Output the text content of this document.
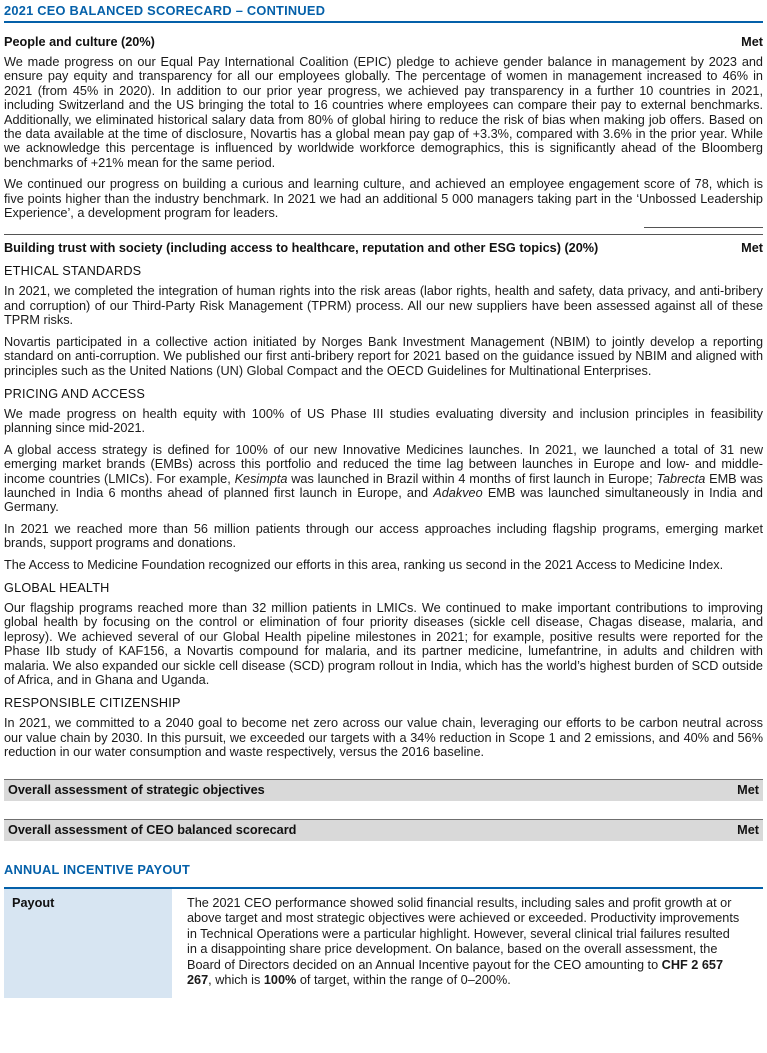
2021 CEO BALANCED SCORECARD – CONTINUED
People and culture (20%)	Met

We made progress on our Equal Pay International Coalition (EPIC) pledge to achieve gender balance in management by 2023 and ensure pay equity and transparency for all our employees globally. The percentage of women in management increased to 46% in 2021 (from 45% in 2020). In addition to our prior year progress, we achieved pay transparency in a further 10 countries in 2021, including Switzerland and the US bringing the total to 16 countries where employees can compare their pay to external benchmarks. Additionally, we eliminated historical salary data from 80% of global hiring to reduce the risk of bias when making job offers. Based on the data available at the time of disclosure, Novartis has a global mean pay gap of +3.3%, compared with 3.6% in the prior year. While we acknowledge this percentage is influenced by worldwide workforce demographics, this is significantly ahead of the Bloomberg benchmarks of +21% mean for the same period.

We continued our progress on building a curious and learning culture, and achieved an employee engagement score of 78, which is five points higher than the industry benchmark. In 2021 we had an additional 5 000 managers taking part in the ‘Unbossed Leadership Experience’, a development program for leaders.

Building trust with society (including access to healthcare, reputation and other ESG topics) (20%)	Met
ETHICAL STANDARDS

In 2021, we completed the integration of human rights into the risk areas (labor rights, health and safety, data privacy, and anti-bribery and corruption) of our Third-Party Risk Management (TPRM) process. All our new suppliers have been assessed against all of these TPRM risks.

Novartis participated in a collective action initiated by Norges Bank Investment Management (NBIM) to jointly develop a reporting standard on anti-corruption. We published our first anti-bribery report for 2021 based on the guidance issued by NBIM and aligned with principles such as the United Nations (UN) Global Compact and the OECD Guidelines for Multinational Enterprises.

PRICING AND ACCESS

We made progress on health equity with 100% of US Phase III studies evaluating diversity and inclusion principles in feasibility planning since mid-2021.

A global access strategy is defined for 100% of our new Innovative Medicines launches. In 2021, we launched a total of 31 new emerging market brands (EMBs) across this portfolio and reduced the time lag between launches in Europe and low- and middle-income countries (LMICs). For example, Kesimpta was launched in Brazil within 4 months of first launch in Europe; Tabrecta EMB was launched in India 6 months ahead of planned first launch in Europe, and Adakveo EMB was launched simultaneously in India and Germany.

In 2021 we reached more than 56 million patients through our access approaches including flagship programs, emerging market brands, support programs and donations.

The Access to Medicine Foundation recognized our efforts in this area, ranking us second in the 2021 Access to Medicine Index.

GLOBAL HEALTH

Our flagship programs reached more than 32 million patients in LMICs. We continued to make important contributions to improving global health by focusing on the control or elimination of four priority diseases (sickle cell disease, Chagas disease, malaria, and leprosy). We achieved several of our Global Health pipeline milestones in 2021; for example, positive results were reported for the Phase IIb study of KAF156, a Novartis compound for malaria, and its partner medicine, lumefantrine, in adults and children with malaria. We also expanded our sickle cell disease (SCD) program rollout in India, which has the world’s highest burden of SCD outside of Africa, and in Ghana and Uganda.

RESPONSIBLE CITIZENSHIP

In 2021, we committed to a 2040 goal to become net zero across our value chain, leveraging our efforts to be carbon neutral across our value chain by 2030. In this pursuit, we exceeded our targets with a 34% reduction in Scope 1 and 2 emissions, and 40% and 56% reduction in our water consumption and waste respectively, versus the 2016 baseline.

Overall assessment of strategic objectives	Met
Overall assessment of CEO balanced scorecard	Met
ANNUAL INCENTIVE PAYOUT
Payout	The 2021 CEO performance showed solid financial results, including sales and profit growth at or above target and most strategic objectives were achieved or exceeded. Productivity improvements in Technical Operations were a particular highlight. However, several clinical trial failures resulted in a disappointing share price development. On balance, based on the overall assessment, the Board of Directors decided on an Annual Incentive payout for the CEO amounting to CHF 2 657 267, which is 100% of target, within the range of 0–200%.
